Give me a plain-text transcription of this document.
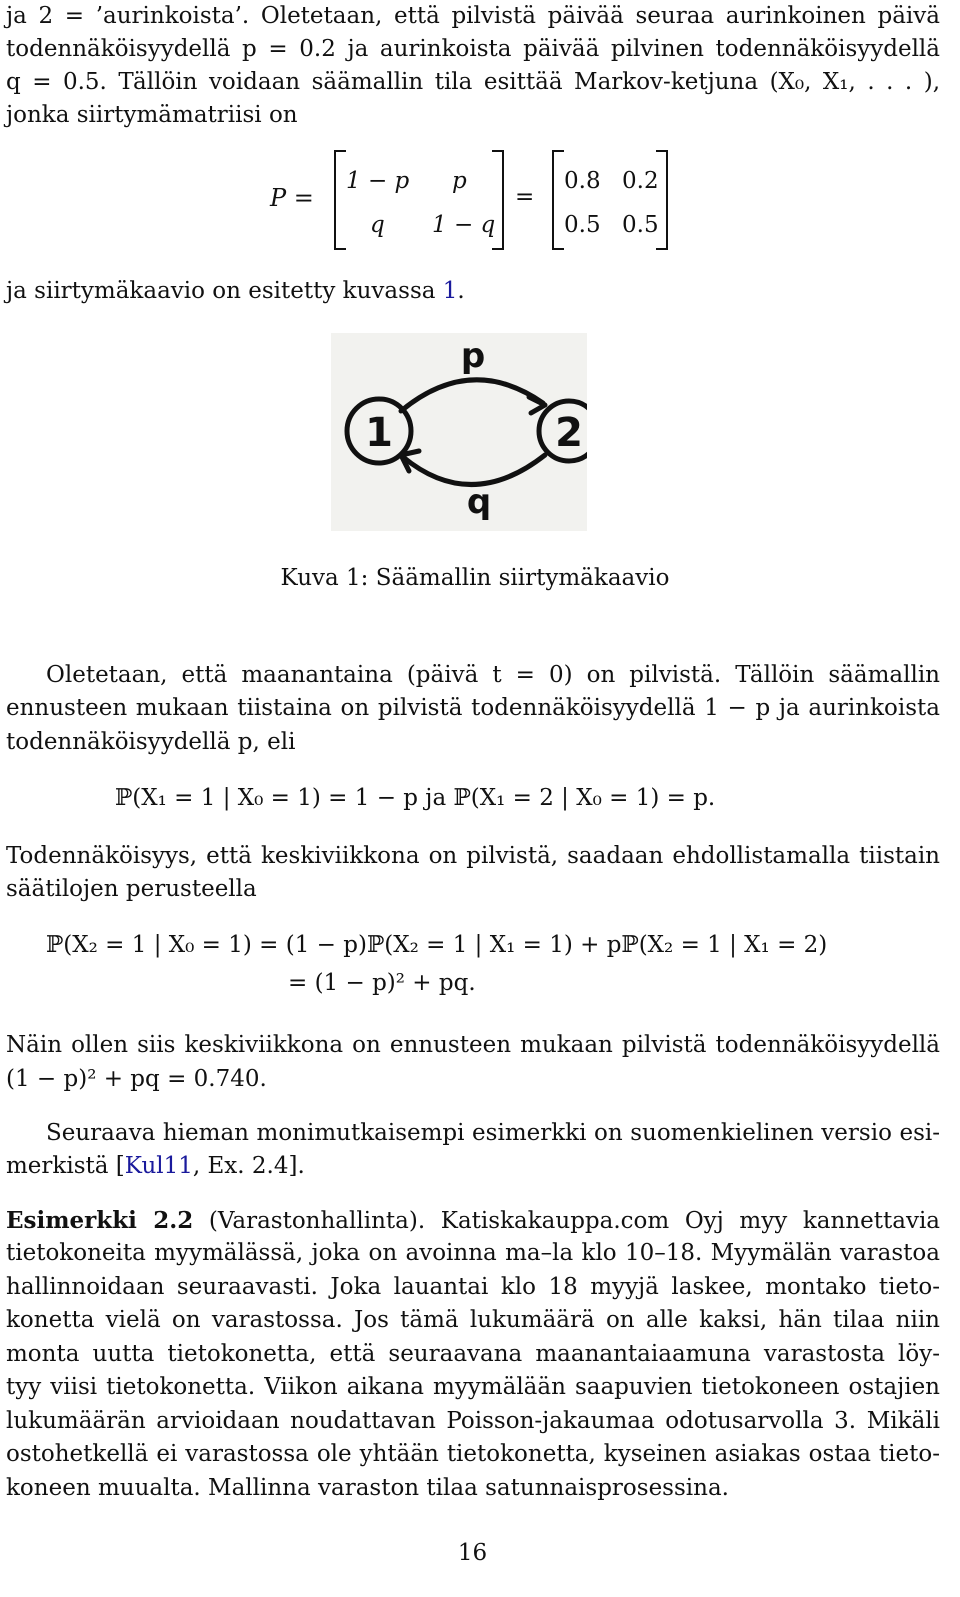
ja 2 = ’aurinkoista’. Oletetaan, että pilvistä päivää seuraa aurinkoinen päivä
todennäköisyydellä p = 0.2 ja aurinkoista päivää pilvinen todennäköisyydellä
q = 0.5. Tällöin voidaan säämallin tila esittää Markov-ketjuna (X₀, X₁, . . . ),
jonka siirtymämatriisi on
P =
1 − p p
q 1 − q
=
0.8 0.2
0.5 0.5
ja siirtymäkaavio on esitetty kuvassa 1.
1	2
p
q
Kuva 1: Säämallin siirtymäkaavio
Oletetaan, että maanantaina (päivä t = 0) on pilvistä. Tällöin säämallin
ennusteen mukaan tiistaina on pilvistä todennäköisyydellä 1 − p ja aurinkoista
todennäköisyydellä p, eli
ℙ(X₁ = 1 | X₀ = 1) = 1 − p ja ℙ(X₁ = 2 | X₀ = 1) = p.
Todennäköisyys, että keskiviikkona on pilvistä, saadaan ehdollistamalla tiistain
säätilojen perusteella
ℙ(X₂ = 1 | X₀ = 1) = (1 − p)ℙ(X₂ = 1 | X₁ = 1) + pℙ(X₂ = 1 | X₁ = 2)
= (1 − p)² + pq.
Näin ollen siis keskiviikkona on ennusteen mukaan pilvistä todennäköisyydellä
(1 − p)² + pq = 0.740.
Seuraava hieman monimutkaisempi esimerkki on suomenkielinen versio esi-
merkistä [Kul11, Ex. 2.4].
Esimerkki 2.2 (Varastonhallinta). Katiskakauppa.com Oyj myy kannettavia
tietokoneita myymälässä, joka on avoinna ma–la klo 10–18. Myymälän varastoa
hallinnoidaan seuraavasti. Joka lauantai klo 18 myyjä laskee, montako tieto-
konetta vielä on varastossa. Jos tämä lukumäärä on alle kaksi, hän tilaa niin
monta uutta tietokonetta, että seuraavana maanantaiaamuna varastosta löy-
tyy viisi tietokonetta. Viikon aikana myymälään saapuvien tietokoneen ostajien
lukumäärän arvioidaan noudattavan Poisson-jakaumaa odotusarvolla 3. Mikäli
ostohetkellä ei varastossa ole yhtään tietokonetta, kyseinen asiakas ostaa tieto-
koneen muualta. Mallinna varaston tilaa satunnaisprosessina.
16
